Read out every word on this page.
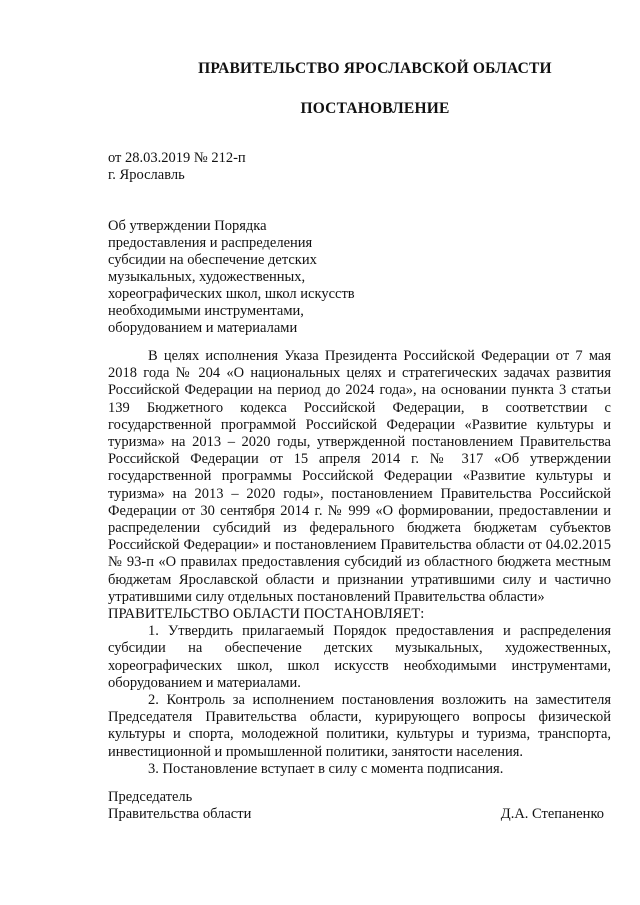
ПРАВИТЕЛЬСТВО ЯРОСЛАВСКОЙ ОБЛАСТИ
ПОСТАНОВЛЕНИЕ
от 28.03.2019 № 212-п
г. Ярославль
Об утверждении Порядка
предоставления и распределения
субсидии на обеспечение детских
музыкальных, художественных,
хореографических школ, школ искусств
необходимыми инструментами,
оборудованием и материалами

В целях исполнения Указа Президента Российской Федерации от 7 мая 2018 года № 204 «О национальных целях и стратегических задачах развития Российской Федерации на период до 2024 года», на основании пункта 3 статьи 139 Бюджетного кодекса Российской Федерации, в соответствии с государственной программой Российской Федерации «Развитие культуры и туризма» на 2013 – 2020 годы, утвержденной постановлением Правительства Российской Федерации от 15 апреля 2014 г. № 317 «Об утверждении государственной программы Российской Федерации «Развитие культуры и туризма» на 2013 – 2020 годы», постановлением Правительства Российской Федерации от 30 сентября 2014 г. № 999 «О формировании, предоставлении и распределении субсидий из федерального бюджета бюджетам субъектов Российской Федерации» и постановлением Правительства области от 04.02.2015 № 93-п «О правилах предоставления субсидий из областного бюджета местным бюджетам Ярославской области и признании утратившими силу и частично утратившими силу отдельных постановлений Правительства области»

ПРАВИТЕЛЬСТВО ОБЛАСТИ ПОСТАНОВЛЯЕТ:

1. Утвердить прилагаемый Порядок предоставления и распределения субсидии на обеспечение детских музыкальных, художественных, хореографических школ, школ искусств необходимыми инструментами, оборудованием и материалами.

2. Контроль за исполнением постановления возложить на заместителя Председателя Правительства области, курирующего вопросы физической культуры и спорта, молодежной политики, культуры и туризма, транспорта, инвестиционной и промышленной политики, занятости населения.

3. Постановление вступает в силу с момента подписания.

Председатель
Правительства области	Д.А. Степаненко
